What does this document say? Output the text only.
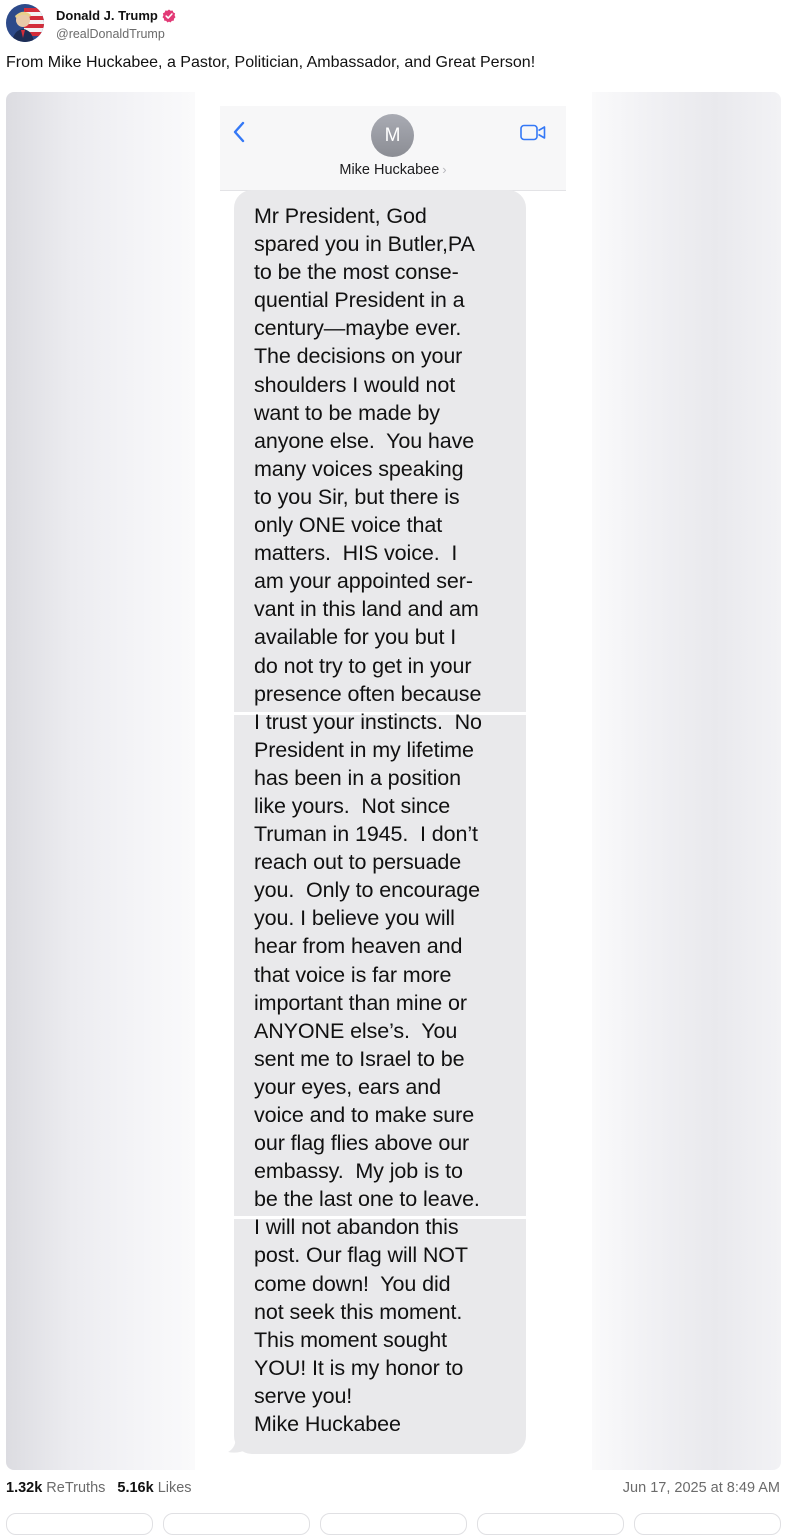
Donald J. Trump
@realDonaldTrump
From Mike Huckabee, a Pastor, Politician, Ambassador, and Great Person!
M
Mike Huckabee ›
Mr President, God
spared you in Butler,PA
to be the most conse-
quential President in a
century—maybe ever.
The decisions on your
shoulders I would not
want to be made by
anyone else.  You have
many voices speaking
to you Sir, but there is
only ONE voice that
matters.  HIS voice.  I
am your appointed ser-
vant in this land and am
available for you but I
do not try to get in your
presence often because
I trust your instincts.  No
President in my lifetime
has been in a position
like yours.  Not since
Truman in 1945.  I don’t
reach out to persuade
you.  Only to encourage
you. I believe you will
hear from heaven and
that voice is far more
important than mine or
ANYONE else’s.  You
sent me to Israel to be
your eyes, ears and
voice and to make sure
our flag flies above our
embassy.  My job is to
be the last one to leave.
I will not abandon this
post. Our flag will NOT
come down!  You did
not seek this moment.
This moment sought
YOU! It is my honor to
serve you!
Mike Huckabee
1.32k ReTruths 5.16k Likes	Jun 17, 2025 at 8:49 AM
